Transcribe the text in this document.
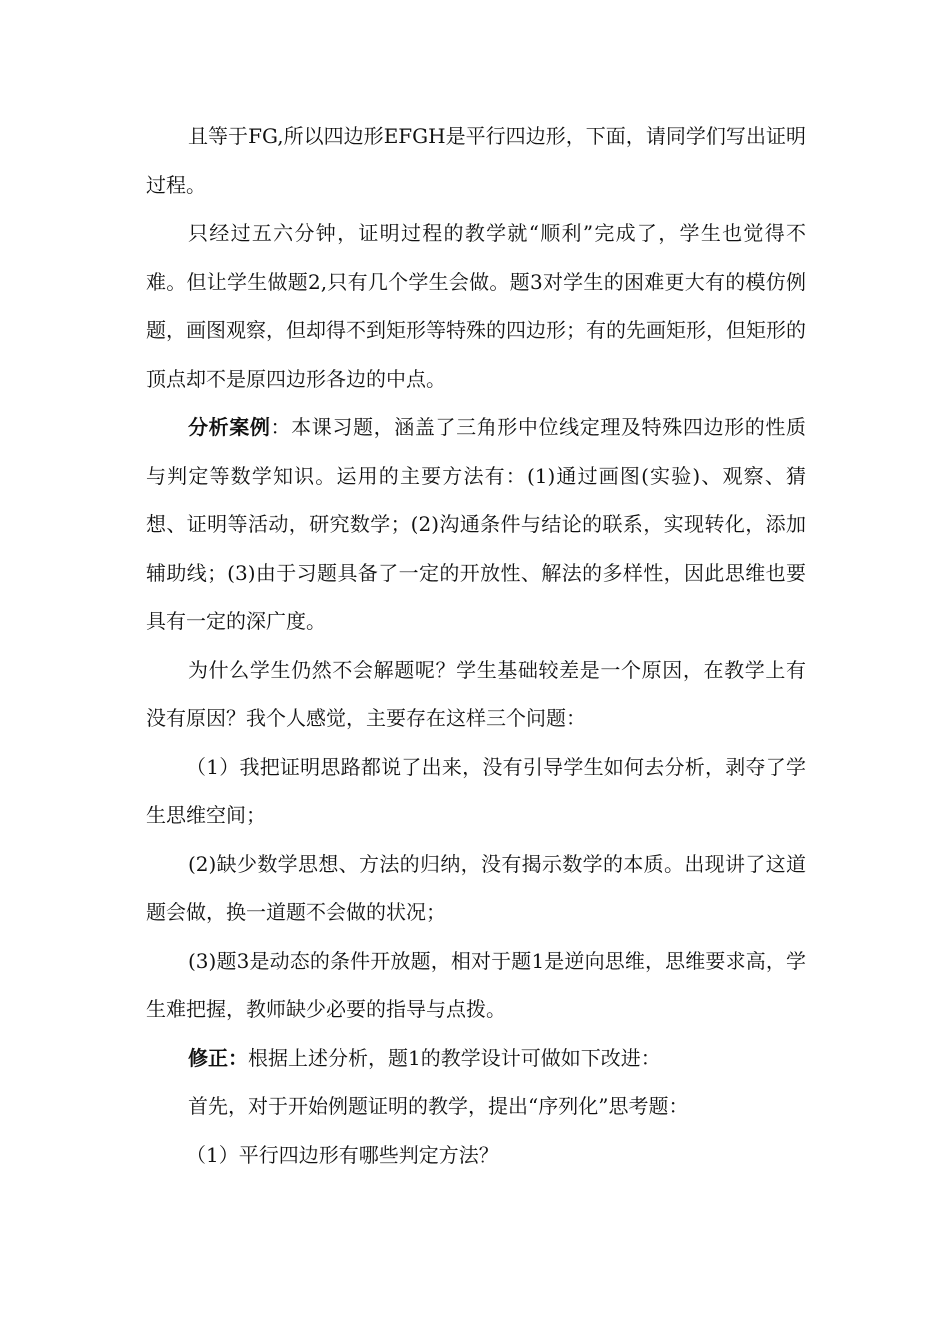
且等于FG,所以四边形EFGH是平行四边形，下面，请同学们写出证明过程。

只经过五六分钟，证明过程的教学就“顺利”完成了，学生也觉得不难。但让学生做题2,只有几个学生会做。题3对学生的困难更大有的模仿例题，画图观察，但却得不到矩形等特殊的四边形；有的先画矩形，但矩形的顶点却不是原四边形各边的中点。

分析案例：本课习题，涵盖了三角形中位线定理及特殊四边形的性质与判定等数学知识。运用的主要方法有：(1)通过画图(实验)、观察、猜想、证明等活动，研究数学；(2)沟通条件与结论的联系，实现转化，添加辅助线；(3)由于习题具备了一定的开放性、解法的多样性，因此思维也要具有一定的深广度。

为什么学生仍然不会解题呢？学生基础较差是一个原因，在教学上有没有原因？我个人感觉，主要存在这样三个问题：

（1）我把证明思路都说了出来，没有引导学生如何去分析，剥夺了学生思维空间；

(2)缺少数学思想、方法的归纳，没有揭示数学的本质。出现讲了这道题会做，换一道题不会做的状况；

(3)题3是动态的条件开放题，相对于题1是逆向思维，思维要求高，学生难把握，教师缺少必要的指导与点拨。

修正：根据上述分析，题1的教学设计可做如下改进：

首先，对于开始例题证明的教学，提出“序列化”思考题：

（1）平行四边形有哪些判定方法？
